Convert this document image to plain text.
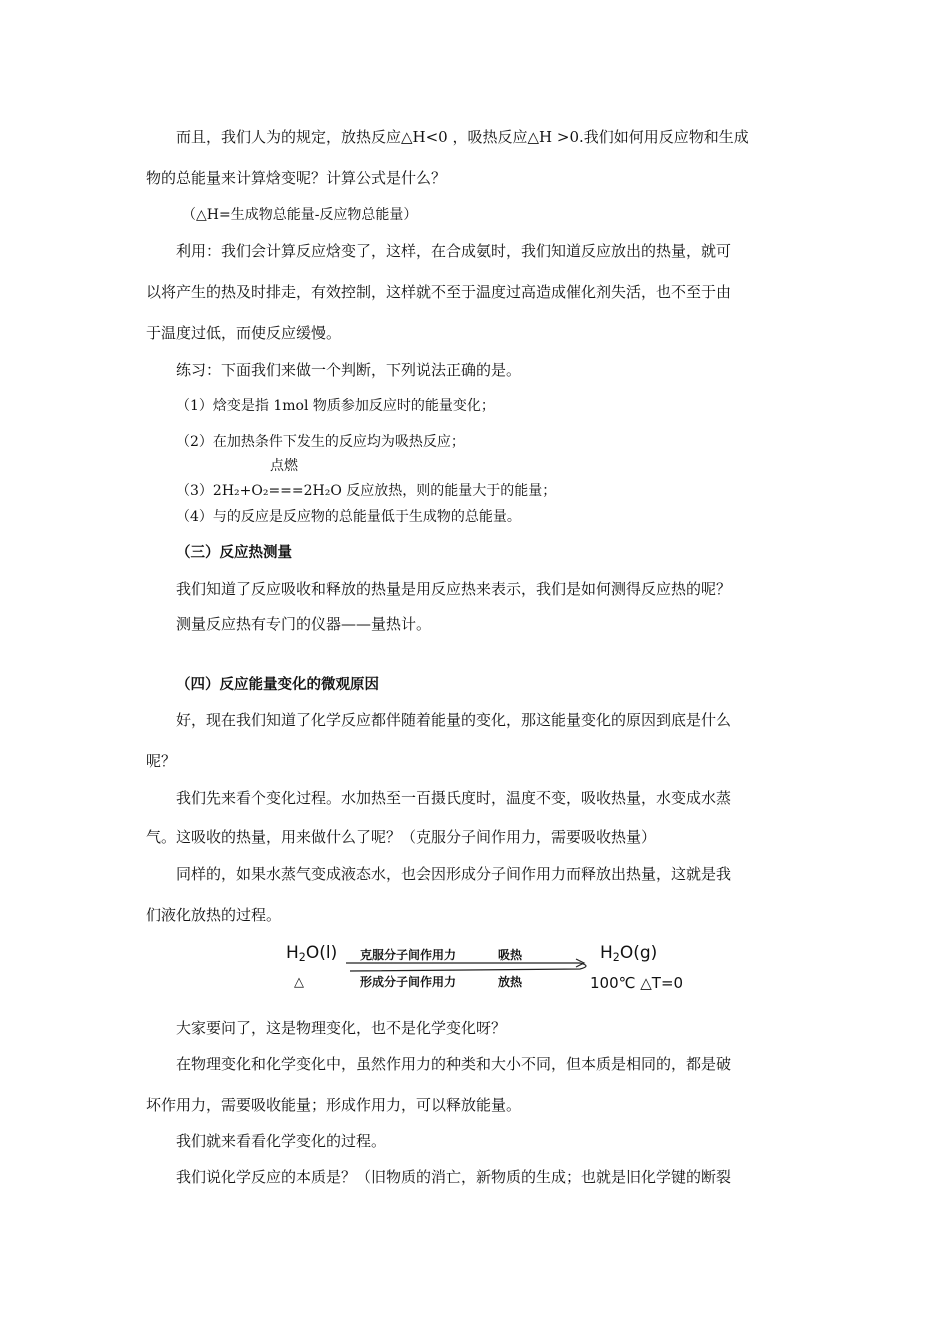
而且，我们人为的规定，放热反应△H<0 ，吸热反应△H >0.我们如何用反应物和生成
物的总能量来计算焓变呢？计算公式是什么？
（△H=生成物总能量-反应物总能量）
利用：我们会计算反应焓变了，这样，在合成氨时，我们知道反应放出的热量，就可
以将产生的热及时排走，有效控制，这样就不至于温度过高造成催化剂失活，也不至于由
于温度过低，而使反应缓慢。
练习：下面我们来做一个判断，下列说法正确的是。
（1）焓变是指 1mol 物质参加反应时的能量变化；
（2）在加热条件下发生的反应均为吸热反应；
点燃
（3）2H₂+O₂===2H₂O 反应放热，则的能量大于的能量；
（4）与的反应是反应物的总能量低于生成物的总能量。
（三）反应热测量
我们知道了反应吸收和释放的热量是用反应热来表示，我们是如何测得反应热的呢？
测量反应热有专门的仪器——量热计。
（四）反应能量变化的微观原因
好，现在我们知道了化学反应都伴随着能量的变化，那这能量变化的原因到底是什么
呢？
我们先来看个变化过程。水加热至一百摄氏度时，温度不变，吸收热量，水变成水蒸
气。这吸收的热量，用来做什么了呢？（克服分子间作用力，需要吸收热量）
同样的，如果水蒸气变成液态水，也会因形成分子间作用力而释放出热量，这就是我
们液化放热的过程。
$H_2O(l)$
△
克服分子间作用力	吸热
形成分子间作用力	放热
$H_2O(g)$
100℃ △T=0
大家要问了，这是物理变化，也不是化学变化呀？
在物理变化和化学变化中，虽然作用力的种类和大小不同，但本质是相同的，都是破
坏作用力，需要吸收能量；形成作用力，可以释放能量。
我们就来看看化学变化的过程。
我们说化学反应的本质是？（旧物质的消亡，新物质的生成；也就是旧化学键的断裂
